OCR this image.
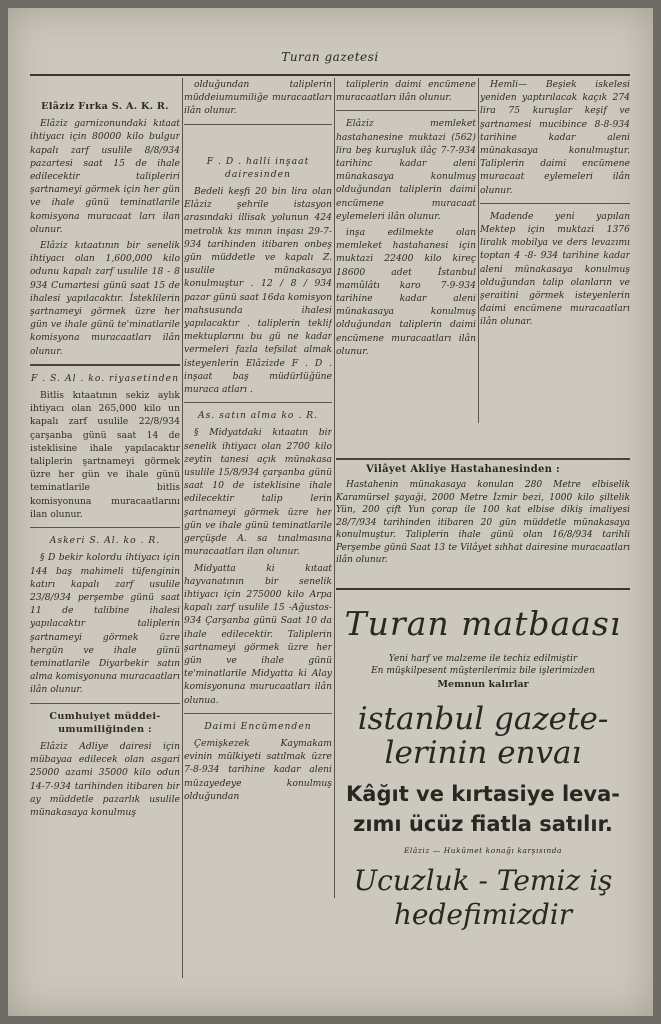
Turan gazetesi
Elâziz Fırka S. A. K. R.

Elâziz garnizonundaki kıtaat ihtiyacı için 80000 kilo bulgur kapalı zarf usulile 8/8/934 pazartesi saat 15 de ihale edilecektir talipleriri şartnameyi görmek için her gün ve ihale günü teminatlarile komisyona muracaat ları ilan olunur.

Elâziz kıtaatının bir senelik ihtiyacı olan 1,600,000 kilo odunu kapalı zarf usulile 18 - 8 934 Cumartesi günü saat 15 de ihalesi yapılacaktır. İsteklilerin şartnameyi görmek üzre her gün ve ihale günü te'minatlarile komisyona muracaatları ilân olunur.

F . S. Al . ko. riyasetinden

Bitlis kıtaatının sekiz aylık ihtiyacı olan 265,000 kilo un kapalı zarf usulile 22/8/934 çarşanba günü saat 14 de isteklisine ihale yapılacaktır taliplerin şartnameyi görmek üzre her gün ve ihale günü teminatlarile bitlis komisyonuna muracaatlarını ilan olunur.

Askeri S. Al. ko . R.

§ D bekir kolordu ihtiyacı için 144 baş mahimeli tüfenginin katırı kapalı zarf usulile 23/8/934 perşembe günü saat 11 de talibine ihalesi yapılacaktır taliplerin şartnameyi görmek üzre hergün ve ihale günü teminatlarile Diyarbekir satın alma komisyonuna muracaatları ilân olunur.

Cumhuiyet müddei-umumiliğinden :

Elâziz Adliye dairesi için mübayaa edilecek olan asgari 25000 azami 35000 kilo odun 14-7-934 tarihinden itibaren bir ay müddetle pazarlık usulile münakasaya konulmuş

olduğundan taliplerin müddeiumumiliğe muracaatları ilân olunur.

F . D . halli inşaat dairesinden

Bedeli keşfi 20 bin lira olan Elâziz şehrile istasyon arasındaki illisak yolunun 424 metrolık kıs mının inşası 29-7-934 tarihinden itibaren onbeş gün müddetle ve kapalı Z. usulile münakasaya konulmuştur . 12 / 8 / 934 pazar günü saat 16da komisyon mahsusunda ihalesi yapılacaktır . taliplerin teklif mektuplarını bu gü ne kadar vermeleri fazla tefsilat almak isteyenlerin Elâzizde F . D . inşaat baş müdürlüğüne muraca atları .

As. satın alma ko . R.

§ Midyatdaki kıtaatın bir senelik ihtiyacı olan 2700 kilo zeytin tanesi açık münakasa usulile 15/8/934 çarşanba günü saat 10 de isteklisine ihale edilecektir talip lerin şartnameyi görmek üzre her gün ve ihale günü teminatlarile gerçüşde A. sa tınalmasına muracaatları ilan olunur.

Midyatta ki kıtaat hayvanatının bir senelik ihtiyacı için 275000 kilo Arpa kapalı zarf usulile 15 -Ağustos- 934 Çarşanba günü Saat 10 da ihale edilecektir. Taliplerin şartnameyi görmek üzre her gün ve ihale günü te'minatlarile Midyatta ki Alay komisyonuna murucaatları ilân olunua.

Daimi Encümenden

Çemişkezek Kaymakam evinin mülkiyeti satılmak üzre 7-8-934 tarihine kadar aleni müzayedeye konulmuş olduğundan

taliplerin daimi encümene muracaatları ilân olunur.

Elâziz memleket hastahanesine muktazi (562) lira beş kuruşluk ilâç 7-7-934 tarihinc kadar aleni münakasaya konulmuş olduğundan taliplerin daimi encümene muracaat eylemeleri ilân olunur.

inşa edilmekte olan memleket hastahanesi için muktazi 22400 kilo kireç 18600 adet İstanbul mamûlâtı karo 7-9-934 tarihine kadar aleni münakasaya konulmuş olduğundan taliplerin daimi encümene muracaatları ilân olunur.

Hemli— Beşiek iskelesi yeniden yaptırılacak kaçık 274 lira 75 kuruşlar keşif ve şartnamesi mucibince 8-8-934 tarihine kadar aleni münakasaya konulmuştur. Taliplerin daimi encümene muracaat eylemeleri ilân olunur.

Madende yeni yapılan Mektep için muktazi 1376 liralık mobilya ve ders levazımı toptan 4 -8- 934 tarihine kadar aleni münakasaya konulmuş olduğundan talip olanların ve şeraitini görmek isteyenlerin daimi encümene muracaatları ilân olunar.

Vilâyet Akliye Hastahanesinden :

Hastahenin münakasaya konulan 280 Metre elbiselik Karamürsel şayaği, 2000 Metre İzmir bezi, 1000 kilo şiltelik Yün, 200 çift Yun çorap ile 100 kat elbise dikiş imaliyesi 28/7/934 tarihinden itibaren 20 gün müddetle münakasaya konulmuştur. Taliplerin ihale günü olan 16/8/934 tarihli Perşembe günü Saat 13 te Vilâyet sıhhat dairesine muracaatları ilân olunur.

Turan matbaası
Yeni harf ve malzeme ile techiz edilmiştir
En müşkilpesent müşterilerimiz bile işlerimizden
Memnun kalırlar
istanbul gazete-
lerinin envaı
Kâğıt ve kırtasiye leva-
zımı ücüz fiatla satılır.
Elâziz — Hukûmet konağı karşısında
Ucuzluk - Temiz iş
hedefimizdir
